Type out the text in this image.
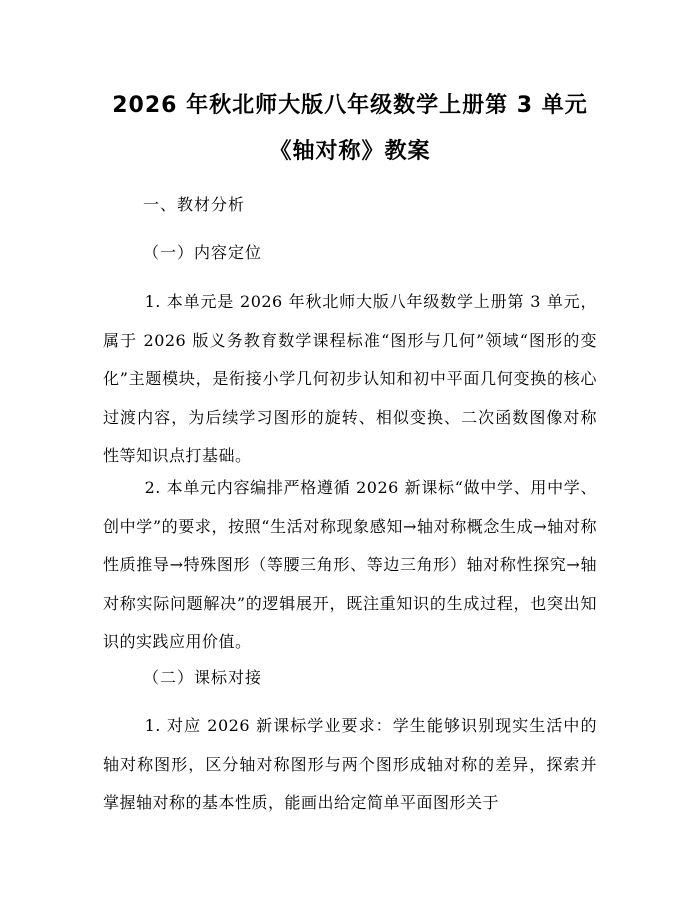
2026 年秋北师大版八年级数学上册第 3 单元
《轴对称》教案
一、教材分析
（一）内容定位
1. 本单元是 2026 年秋北师大版八年级数学上册第 3 单元，属于 2026 版义务教育数学课程标准“图形与几何”领域“图形的变化”主题模块，是衔接小学几何初步认知和初中平面几何变换的核心过渡内容，为后续学习图形的旋转、相似变换、二次函数图像对称性等知识点打基础。
2. 本单元内容编排严格遵循 2026 新课标“做中学、用中学、创中学”的要求，按照“生活对称现象感知→轴对称概念生成→轴对称性质推导→特殊图形（等腰三角形、等边三角形）轴对称性探究→轴对称实际问题解决”的逻辑展开，既注重知识的生成过程，也突出知识的实践应用价值。
（二）课标对接
1. 对应 2026 新课标学业要求：学生能够识别现实生活中的轴对称图形，区分轴对称图形与两个图形成轴对称的差异，探索并掌握轴对称的基本性质，能画出给定简单平面图形关于
